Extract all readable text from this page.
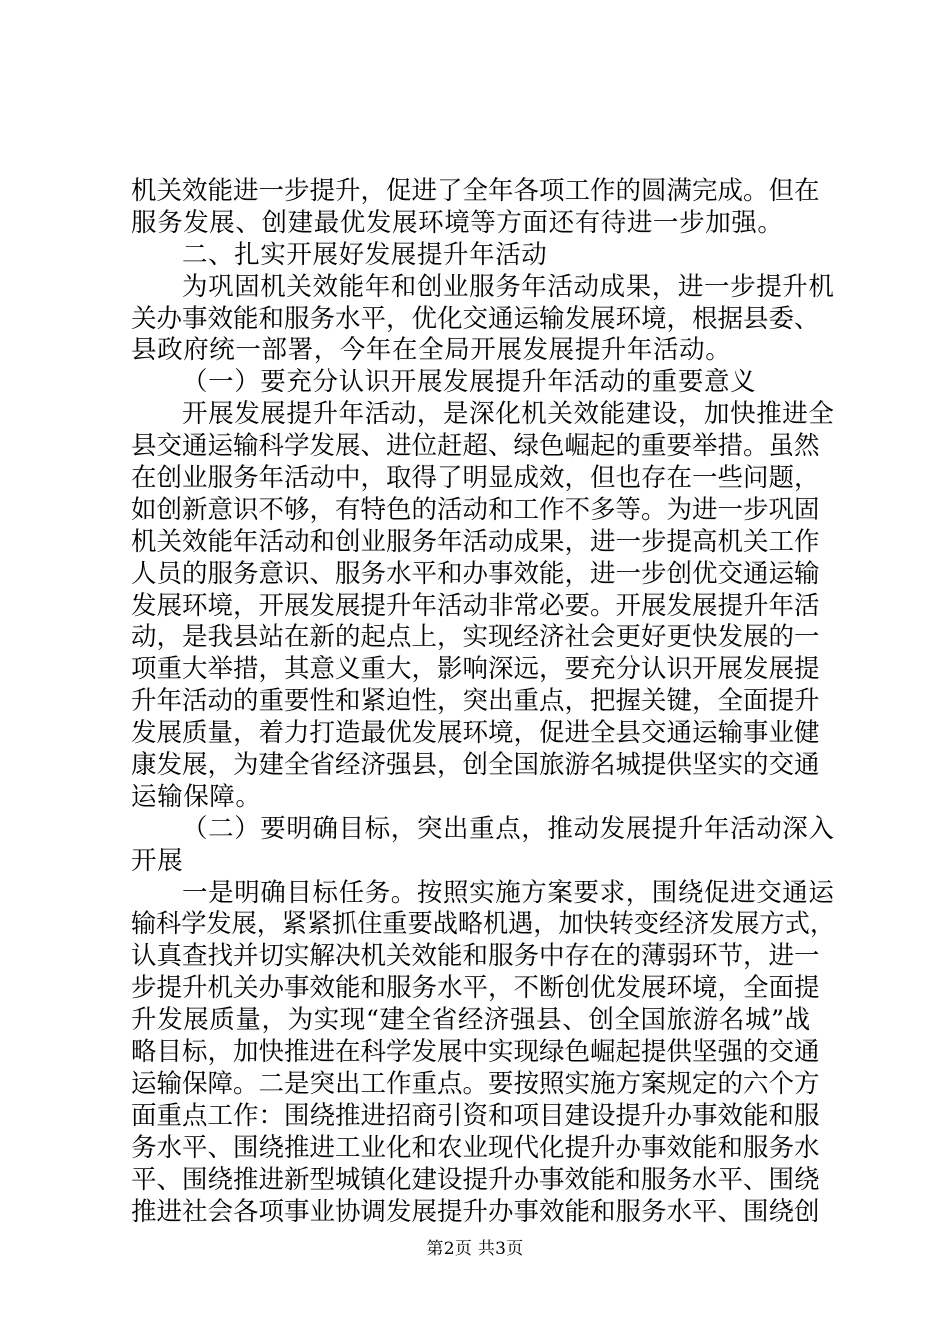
机关效能进一步提升，促进了全年各项工作的圆满完成。但在
服务发展、创建最优发展环境等方面还有待进一步加强。
二、扎实开展好发展提升年活动
为巩固机关效能年和创业服务年活动成果，进一步提升机
关办事效能和服务水平，优化交通运输发展环境，根据县委、
县政府统一部署，今年在全局开展发展提升年活动。
（一）要充分认识开展发展提升年活动的重要意义
开展发展提升年活动，是深化机关效能建设，加快推进全
县交通运输科学发展、进位赶超、绿色崛起的重要举措。虽然
在创业服务年活动中，取得了明显成效，但也存在一些问题，
如创新意识不够，有特色的活动和工作不多等。为进一步巩固
机关效能年活动和创业服务年活动成果，进一步提高机关工作
人员的服务意识、服务水平和办事效能，进一步创优交通运输
发展环境，开展发展提升年活动非常必要。开展发展提升年活
动，是我县站在新的起点上，实现经济社会更好更快发展的一
项重大举措，其意义重大，影响深远，要充分认识开展发展提
升年活动的重要性和紧迫性，突出重点，把握关键，全面提升
发展质量，着力打造最优发展环境，促进全县交通运输事业健
康发展，为建全省经济强县，创全国旅游名城提供坚实的交通
运输保障。
（二）要明确目标，突出重点，推动发展提升年活动深入
开展
一是明确目标任务。按照实施方案要求，围绕促进交通运
输科学发展，紧紧抓住重要战略机遇，加快转变经济发展方式，
认真查找并切实解决机关效能和服务中存在的薄弱环节，进一
步提升机关办事效能和服务水平，不断创优发展环境，全面提
升发展质量，为实现“建全省经济强县、创全国旅游名城”战
略目标，加快推进在科学发展中实现绿色崛起提供坚强的交通
运输保障。二是突出工作重点。要按照实施方案规定的六个方
面重点工作：围绕推进招商引资和项目建设提升办事效能和服
务水平、围绕推进工业化和农业现代化提升办事效能和服务水
平、围绕推进新型城镇化建设提升办事效能和服务水平、围绕
推进社会各项事业协调发展提升办事效能和服务水平、围绕创
第2页 共3页
